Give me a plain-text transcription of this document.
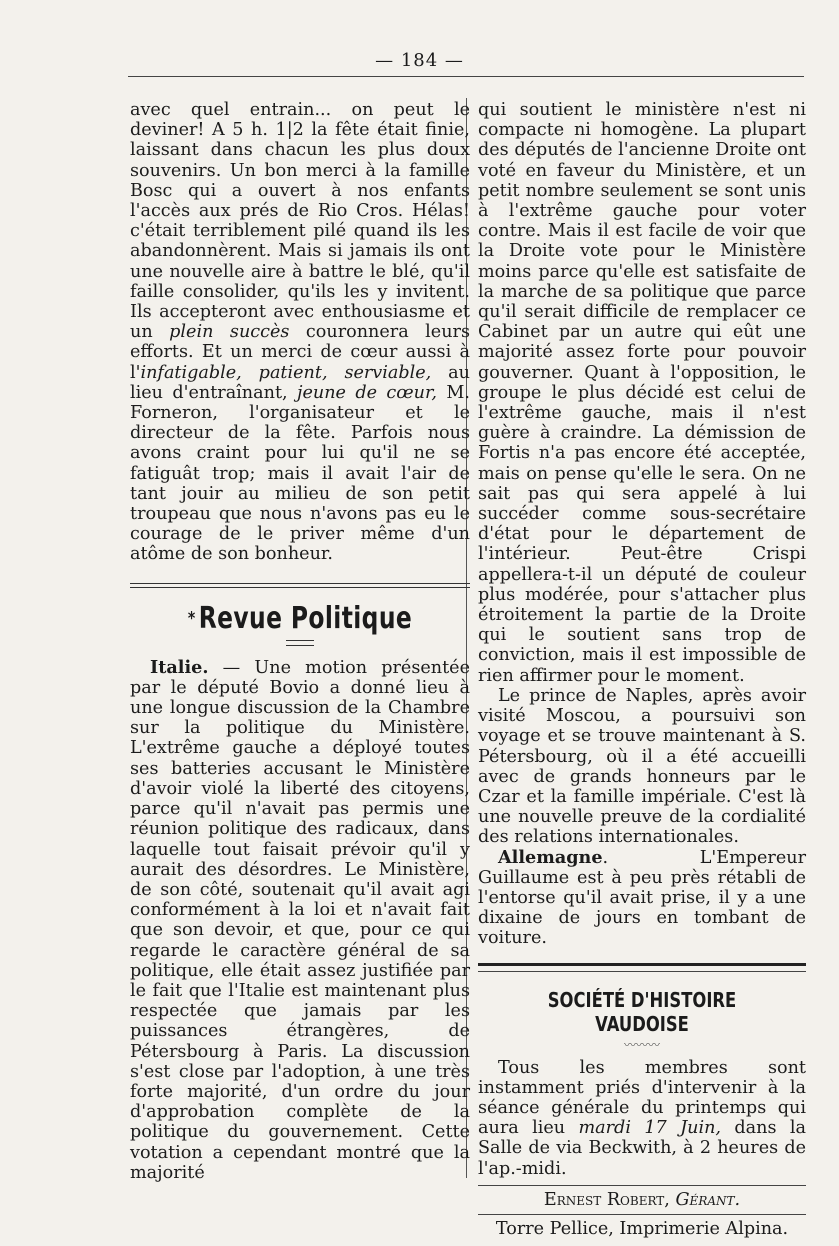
— 184 —

avec quel entrain... on peut le deviner! A 5 h. 1|2 la fête était finie, laissant dans chacun les plus doux souvenirs. Un bon merci à la famille Bosc qui a ouvert à nos enfants l'accès aux prés de Rio Cros. Hélas! c'était terriblement pilé quand ils les abandonnèrent. Mais si jamais ils ont une nouvelle aire à battre le blé, qu'il faille consolider, qu'ils les y invitent. Ils accepteront avec enthousiasme et un plein succès couronnera leurs efforts. Et un merci de cœur aussi à l'infatigable, patient, serviable, au lieu d'entraînant, jeune de cœur, M. Forneron, l'organisateur et le directeur de la fête. Parfois nous avons craint pour lui qu'il ne se fatiguât trop; mais il avait l'air de tant jouir au milieu de son petit troupeau que nous n'avons pas eu le courage de le priver même d'un atôme de son bonheur.

* Revue Politique

Italie. — Une motion présentée par le député Bovio a donné lieu à une longue discussion de la Chambre sur la politique du Ministère. L'extrême gauche a déployé toutes ses batteries accusant le Ministère d'avoir violé la liberté des citoyens, parce qu'il n'avait pas permis une réunion politique des radicaux, dans laquelle tout faisait prévoir qu'il y aurait des désordres. Le Ministère, de son côté, soutenait qu'il avait agi conformément à la loi et n'avait fait que son devoir, et que, pour ce qui regarde le caractère général de sa politique, elle était assez justifiée par le fait que l'Italie est maintenant plus respectée que jamais par les puissances étrangères, de Pétersbourg à Paris. La discussion s'est close par l'adoption, à une très forte majorité, d'un ordre du jour d'approbation complète de la politique du gouvernement. Cette votation a cependant montré que la majorité

qui soutient le ministère n'est ni compacte ni homogène. La plupart des députés de l'ancienne Droite ont voté en faveur du Ministère, et un petit nombre seulement se sont unis à l'extrême gauche pour voter contre. Mais il est facile de voir que la Droite vote pour le Ministère moins parce qu'elle est satisfaite de la marche de sa politique que parce qu'il serait difficile de remplacer ce Cabinet par un autre qui eût une majorité assez forte pour pouvoir gouverner. Quant à l'opposition, le groupe le plus décidé est celui de l'extrême gauche, mais il n'est guère à craindre. La démission de Fortis n'a pas encore été acceptée, mais on pense qu'elle le sera. On ne sait pas qui sera appelé à lui succéder comme sous-secrétaire d'état pour le département de l'intérieur. Peut-être Crispi appellera-t-il un député de couleur plus modérée, pour s'attacher plus étroitement la partie de la Droite qui le soutient sans trop de conviction, mais il est impossible de rien affirmer pour le moment.

Le prince de Naples, après avoir visité Moscou, a poursuivi son voyage et se trouve maintenant à S. Pétersbourg, où il a été accueilli avec de grands honneurs par le Czar et la famille impériale. C'est là une nouvelle preuve de la cordialité des relations internationales.

Allemagne. L'Empereur Guillaume est à peu près rétabli de l'entorse qu'il avait prise, il y a une dixaine de jours en tombant de voiture.

SOCIÉTÉ D'HISTOIRE VAUDOISE
〰〰〰

Tous les membres sont instamment priés d'intervenir à la séance générale du printemps qui aura lieu mardi 17 Juin, dans la Salle de via Beckwith, à 2 heures de l'ap.-midi.

Ernest Robert, Gérant.
Torre Pellice, Imprimerie Alpina.
